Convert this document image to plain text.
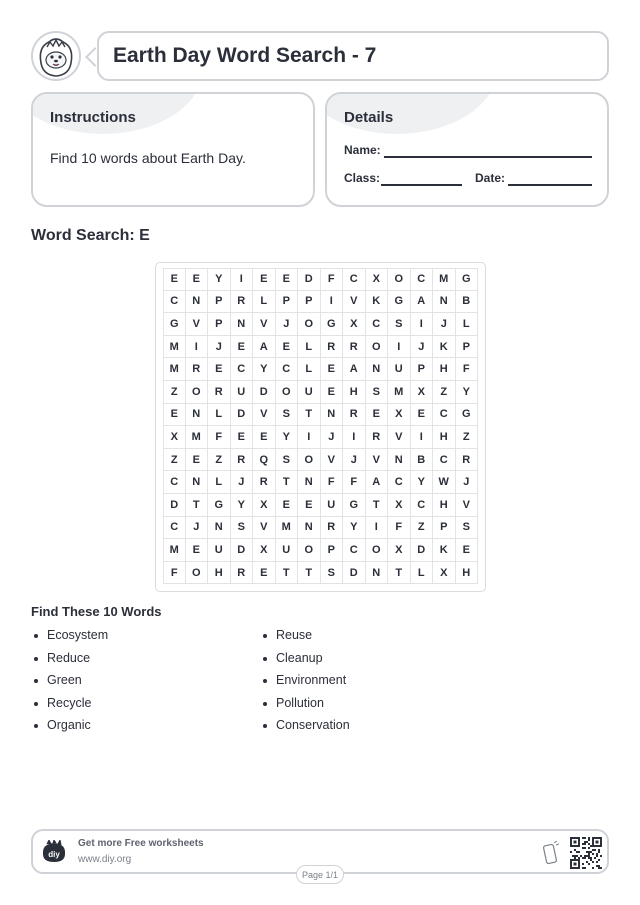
Earth Day Word Search - 7
Instructions
Find 10 words about Earth Day.
Details
Name:
Class:	Date:
Word Search: E
E	E	Y	I	E	E	D	F	C	X	O	C	M	G
C	N	P	R	L	P	P	I	V	K	G	A	N	B
G	V	P	N	V	J	O	G	X	C	S	I	J	L
M	I	J	E	A	E	L	R	R	O	I	J	K	P
M	R	E	C	Y	C	L	E	A	N	U	P	H	F
Z	O	R	U	D	O	U	E	H	S	M	X	Z	Y
E	N	L	D	V	S	T	N	R	E	X	E	C	G
X	M	F	E	E	Y	I	J	I	R	V	I	H	Z
Z	E	Z	R	Q	S	O	V	J	V	N	B	C	R
C	N	L	J	R	T	N	F	F	A	C	Y	W	J
D	T	G	Y	X	E	E	U	G	T	X	C	H	V
C	J	N	S	V	M	N	R	Y	I	F	Z	P	S
M	E	U	D	X	U	O	P	C	O	X	D	K	E
F	O	H	R	E	T	T	S	D	N	T	L	X	H
Find These 10 Words
Ecosystem
Reduce
Green
Recycle
Organic
Reuse
Cleanup
Environment
Pollution
Conservation
diy
Get more Free worksheets
www.diy.org
Page 1/1
